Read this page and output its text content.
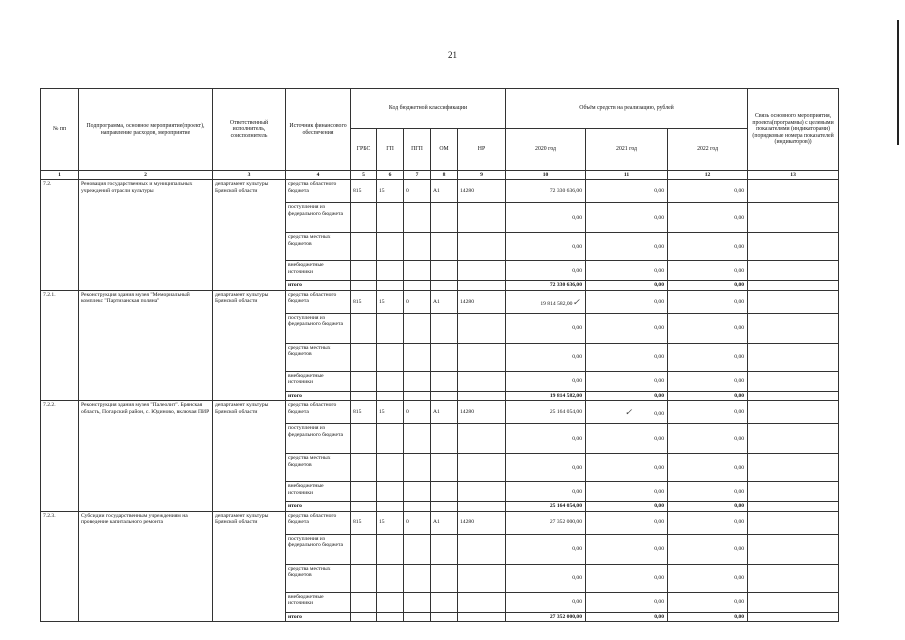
21
№ пп	Подпрограмма, основное мероприятие(проект), направление расходов, мероприятие	Ответственный исполнитель, соисполнитель	Источник финансового обеспечения	Код бюджетной классификации					Объём средств на реализацию, рублей			Связь основного мероприятия, проекта(программы) с целевыми показателями (индикаторами) (порядковые номера показателей (индикаторов))
				ГРБС	ГП	ПГП	ОМ	НР	2020 год	2021 год	2022 год	
1	2	3	4	5	6	7	8	9	10	11	12	13
7.2.	Реновация государственных и муниципальных учреждений отрасли культуры	департамент культуры Брянской области	средства областного бюджета	815	15	0	А1	14280	72 330 636,00	0,00	0,00	
			поступления из федерального бюджета						0,00	0,00	0,00	
			средства местных бюджетов						0,00	0,00	0,00	
			внебюджетные источники						0,00	0,00	0,00	
			итого						72 330 636,00	0,00	0,00	
7.2.1.	Реконструкция здания музея "Мемориальный комплекс "Партизанская поляна"	департамент культуры Брянской области	средства областного бюджета	815	15	0	А1	14280	19 814 582,00✓	0,00	0,00	
			поступления из федерального бюджета						0,00	0,00	0,00	
			средства местных бюджетов						0,00	0,00	0,00	
			внебюджетные источники						0,00	0,00	0,00	
			итого						19 814 582,00	0,00	0,00	
7.2.2.	Реконструкция здания музея "Палеолит". Брянская область, Погарский район, с. Юдиново, включая ПИР	департамент культуры Брянской области	средства областного бюджета	815	15	0	А1	14280	25 164 054,00	✓ 0,00	0,00	
			поступления из федерального бюджета						0,00	0,00	0,00	
			средства местных бюджетов						0,00	0,00	0,00	
			внебюджетные источники						0,00	0,00	0,00	
			итого						25 164 054,00	0,00	0,00	
7.2.3.	Субсидии государственным учреждениям на проведение капитального ремонта	департамент культуры Брянской области	средства областного бюджета	815	15	0	А1	14280	27 352 000,00	0,00	0,00	
			поступления из федерального бюджета						0,00	0,00	0,00	
			средства местных бюджетов						0,00	0,00	0,00	
			внебюджетные источники						0,00	0,00	0,00	
			итого						27 352 000,00	0,00	0,00	
